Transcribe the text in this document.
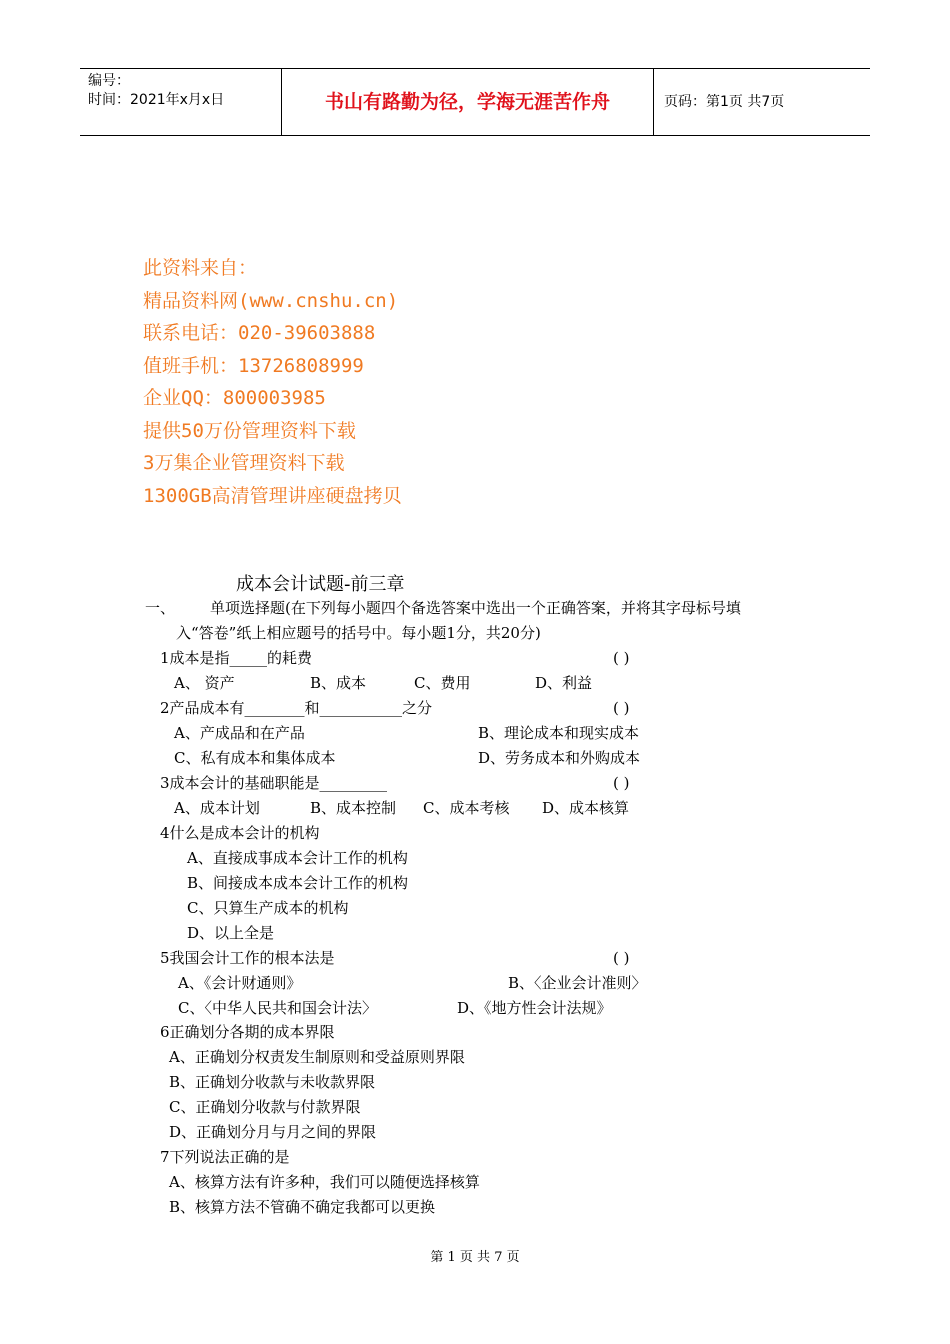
编号：
时间：2021年x月x日	书山有路勤为径，学海无涯苦作舟	页码：第1页 共7页
此资料来自：
精品资料网(www.cnshu.cn)
联系电话：020-39603888
值班手机：13726808999
企业QQ：800003985
提供50万份管理资料下载
3万集企业管理资料下载
1300GB高清管理讲座硬盘拷贝
成本会计试题-前三章
一、 单项选择题(在下列每小题四个备选答案中选出一个正确答案，并将其字母标号填
入“答卷”纸上相应题号的括号中。每小题1分，共20分)
1成本是指_____的耗费	( )
A、 资产	B、成本	C、费用	D、利益
2产品成本有________和___________之分	( )
A、产成品和在产品	B、理论成本和现实成本
C、私有成本和集体成本	D、劳务成本和外购成本
3成本会计的基础职能是_________	( )
A、成本计划	B、成本控制 C、成本考核 D、成本核算
4什么是成本会计的机构
A、直接成事成本会计工作的机构
B、间接成本成本会计工作的机构
C、只算生产成本的机构
D、以上全是
5我国会计工作的根本法是	( )
A、《会计财通则》	B、〈企业会计准则〉
C、〈中华人民共和国会计法〉	D、《地方性会计法规》
6正确划分各期的成本界限
A、正确划分权责发生制原则和受益原则界限
B、正确划分收款与未收款界限
C、正确划分收款与付款界限
D、正确划分月与月之间的界限
7下列说法正确的是
A、核算方法有许多种，我们可以随便选择核算
B、核算方法不管确不确定我都可以更换
第 1 页 共 7 页
